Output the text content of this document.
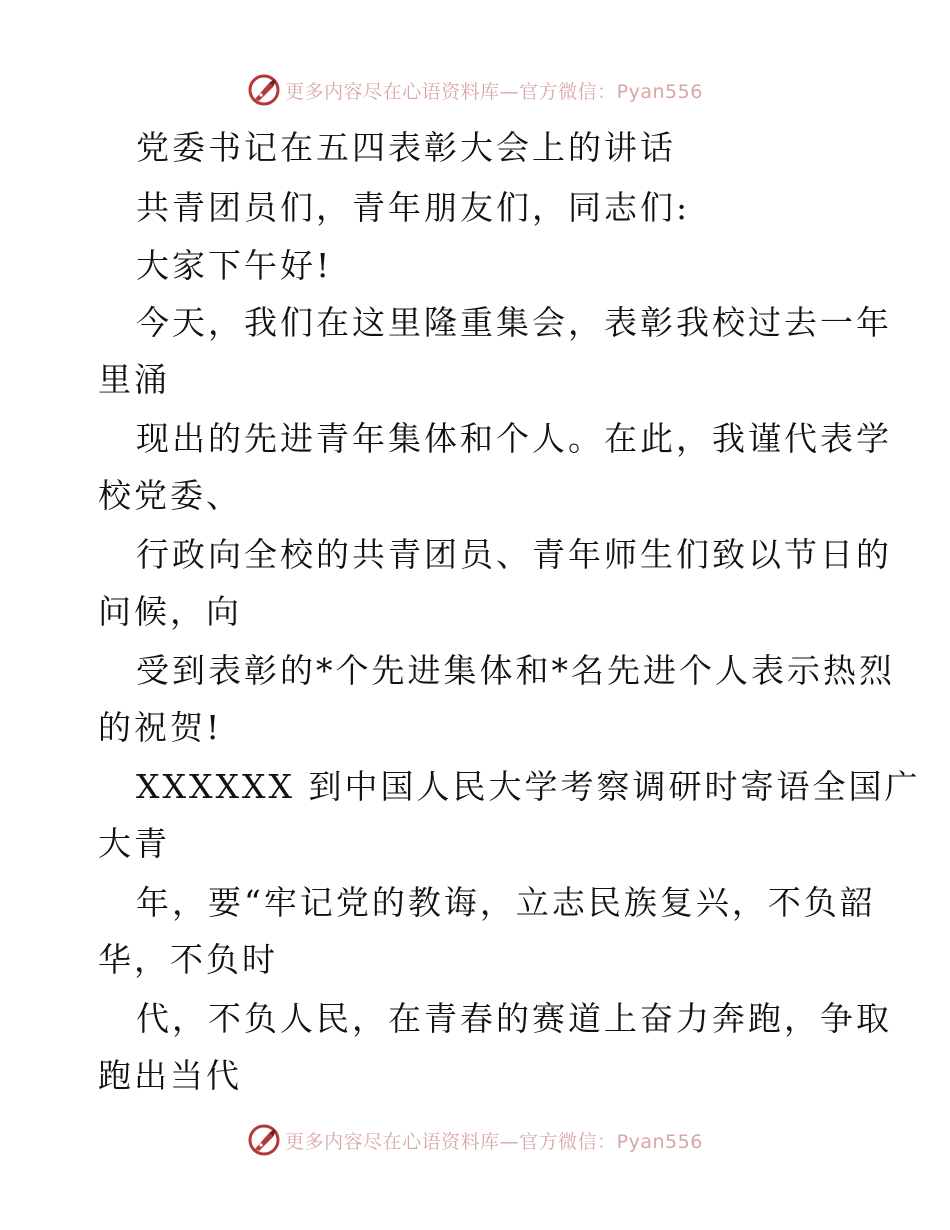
更多内容尽在心语资料库—官方微信：Pyan556
党委书记在五四表彰大会上的讲话
共青团员们，青年朋友们，同志们:
大家下午好!
今天，我们在这里隆重集会，表彰我校过去一年
里涌
现出的先进青年集体和个人。在此，我谨代表学
校党委、
行政向全校的共青团员、青年师生们致以节日的
问候，向
受到表彰的*个先进集体和*名先进个人表示热烈
的祝贺!
XXXXXX 到中国人民大学考察调研时寄语全国广
大青
年，要“牢记党的教诲，立志民族复兴，不负韶
华，不负时
代，不负人民，在青春的赛道上奋力奔跑，争取
跑出当代
更多内容尽在心语资料库—官方微信：Pyan556
